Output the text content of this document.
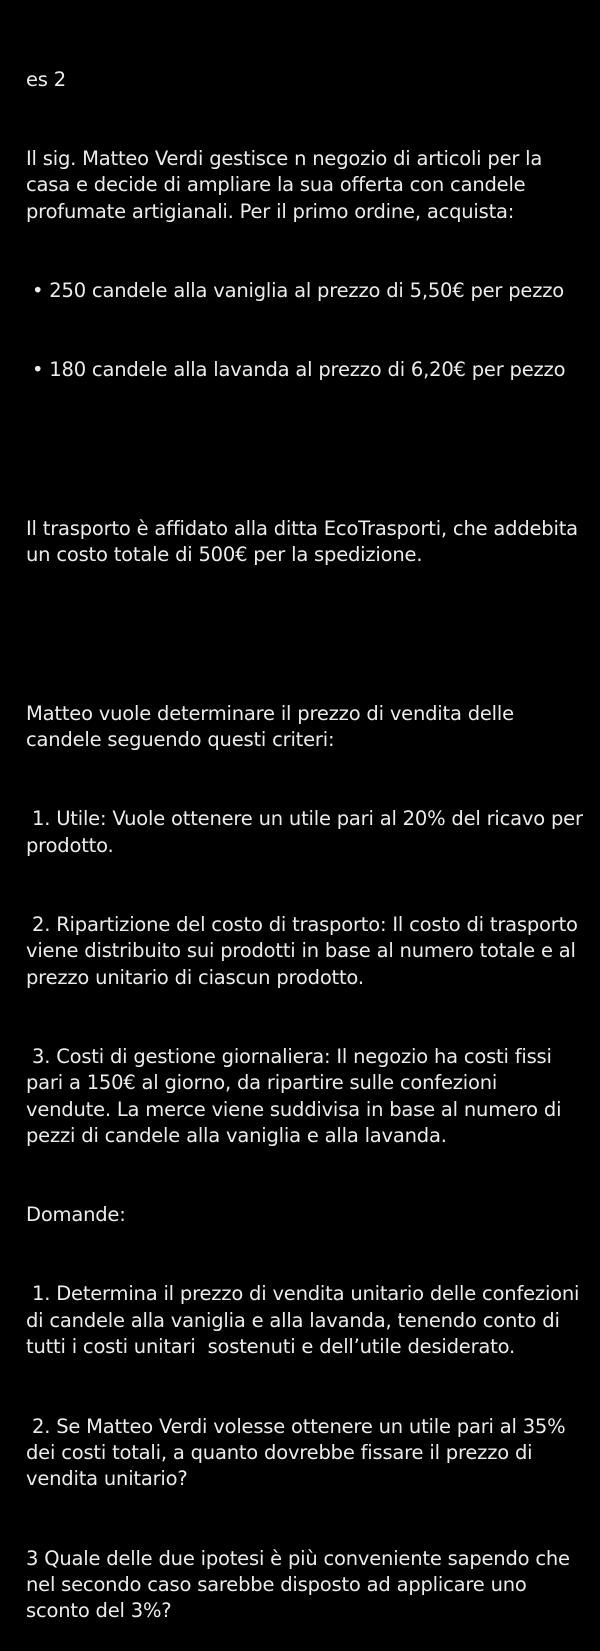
es 2

Il sig. Matteo Verdi gestisce n negozio di articoli per la casa e decide di ampliare la sua offerta con candele profumate artigianali. Per il primo ordine, acquista:

• 250 candele alla vaniglia al prezzo di 5,50€ per pezzo

• 180 candele alla lavanda al prezzo di 6,20€ per pezzo

Il trasporto è affidato alla ditta EcoTrasporti, che addebita un costo totale di 500€ per la spedizione.

Matteo vuole determinare il prezzo di vendita delle candele seguendo questi criteri:

1. Utile: Vuole ottenere un utile pari al 20% del ricavo per prodotto.

2. Ripartizione del costo di trasporto: Il costo di trasporto viene distribuito sui prodotti in base al numero totale e al prezzo unitario di ciascun prodotto.

3. Costi di gestione giornaliera: Il negozio ha costi fissi pari a 150€ al giorno, da ripartire sulle confezioni vendute. La merce viene suddivisa in base al numero di pezzi di candele alla vaniglia e alla lavanda.

Domande:

1. Determina il prezzo di vendita unitario delle confezioni di candele alla vaniglia e alla lavanda, tenendo conto di tutti i costi unitari  sostenuti e dell’utile desiderato.

2. Se Matteo Verdi volesse ottenere un utile pari al 35% dei costi totali, a quanto dovrebbe fissare il prezzo di vendita unitario?

3 Quale delle due ipotesi è più conveniente sapendo che nel secondo caso sarebbe disposto ad applicare uno sconto del 3%?
